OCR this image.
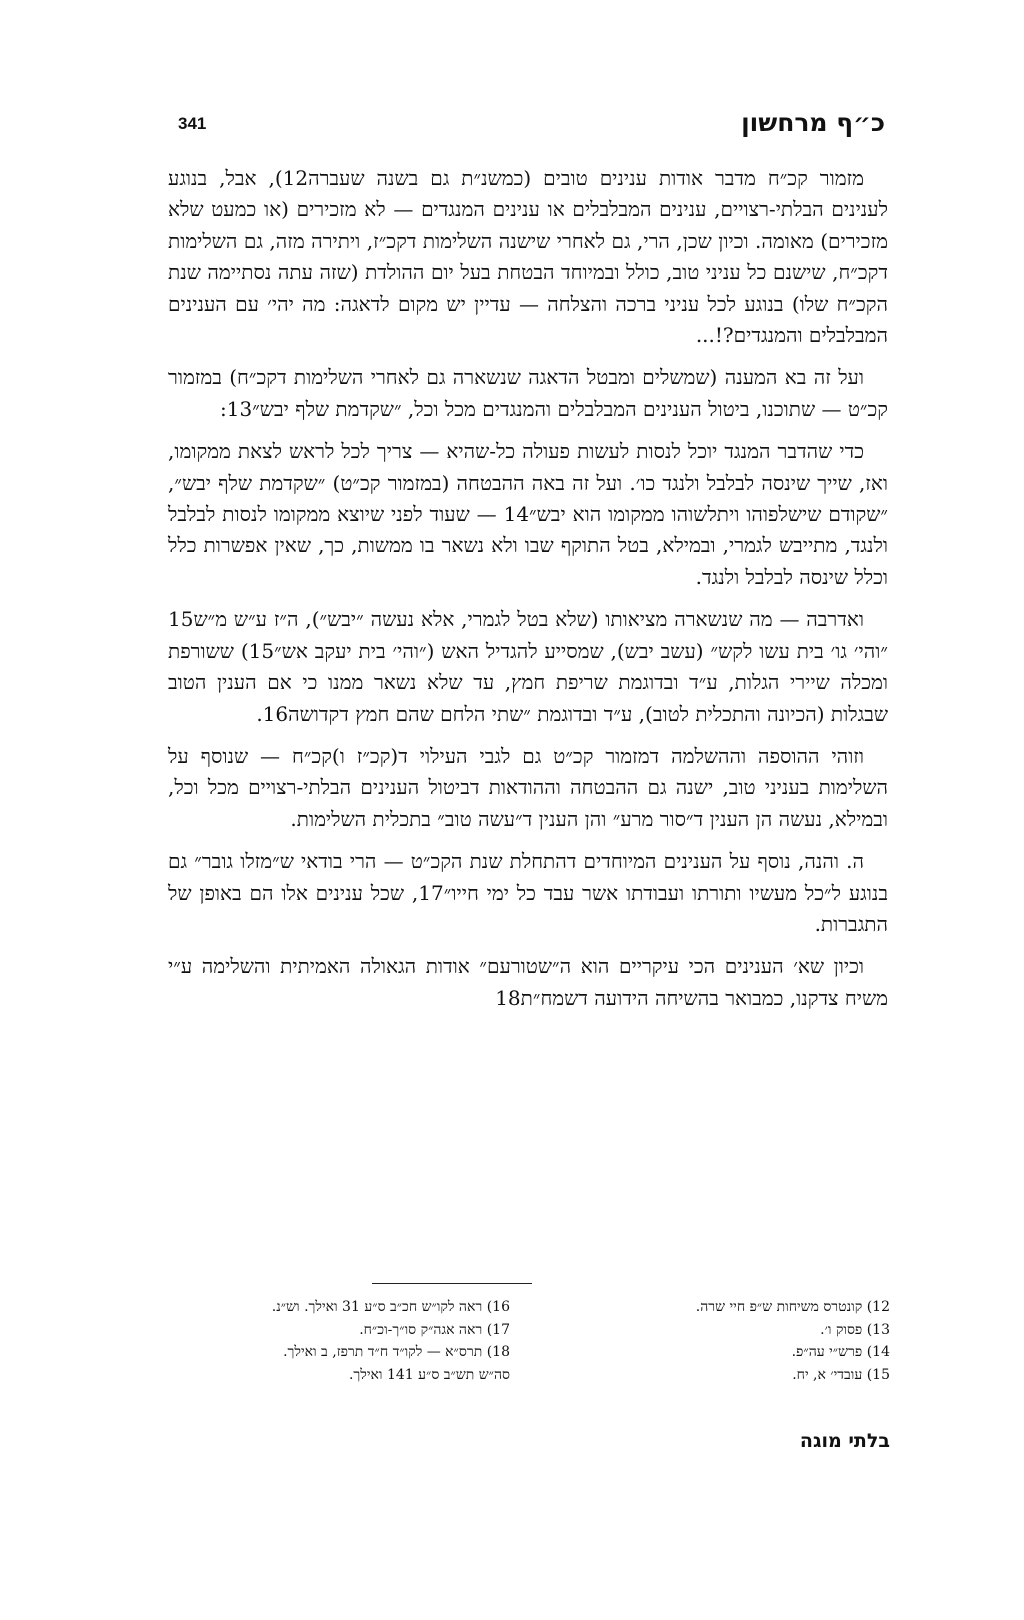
341	כ״ף מרחשון

מזמור קכ״ח מדבר אודות ענינים טובים (כמשנ״ת גם בשנה שעברה12), אבל, בנוגע לענינים הבלתי-רצויים, ענינים המבלבלים או ענינים המנגדים — לא מזכירים (או כמעט שלא מזכירים) מאומה. וכיון שכן, הרי, גם לאחרי שישנה השלימות דקכ״ז, ויתירה מזה, גם השלימות דקכ״ח, שישנם כל עניני טוב, כולל ובמיוחד הבטחת בעל יום ההולדת (שזה עתה נסתיימה שנת הקכ״ח שלו) בנוגע לכל עניני ברכה והצלחה — עדיין יש מקום לדאגה: מה יהי׳ עם הענינים המבלבלים והמנגדים?!...

ועל זה בא המענה (שמשלים ומבטל הדאגה שנשארה גם לאחרי השלימות דקכ״ח) במזמור קכ״ט — שתוכנו, ביטול הענינים המבלבלים והמנגדים מכל וכל, ״שקדמת שלף יבש״13:

כדי שהדבר המנגד יוכל לנסות לעשות פעולה כל-שהיא — צריך לכל לראש לצאת ממקומו, ואז, שייך שינסה לבלבל ולנגד כו׳. ועל זה באה ההבטחה (במזמור קכ״ט) ״שקדמת שלף יבש״, ״שקודם שישלפוהו ויתלשוהו ממקומו הוא יבש״14 — שעוד לפני שיוצא ממקומו לנסות לבלבל ולנגד, מתייבש לגמרי, ובמילא, בטל התוקף שבו ולא נשאר בו ממשות, כך, שאין אפשרות כלל וכלל שינסה לבלבל ולנגד.

ואדרבה — מה שנשארה מציאותו (שלא בטל לגמרי, אלא נעשה ״יבש״), ה״ז ע״ש מ״ש15 ״והי׳ גו׳ בית עשו לקש״ (עשב יבש), שמסייע להגדיל האש (״והי׳ בית יעקב אש״15) ששורפת ומכלה שיירי הגלות, ע״ד ובדוגמת שריפת חמץ, עד שלא נשאר ממנו כי אם הענין הטוב שבגלות (הכיונה והתכלית לטוב), ע״ד ובדוגמת ״שתי הלחם שהם חמץ דקדושה16.

וזוהי ההוספה וההשלמה דמזמור קכ״ט גם לגבי העילוי ד(קכ״ז ו)קכ״ח — שנוסף על השלימות בעניני טוב, ישנה גם ההבטחה וההודאות דביטול הענינים הבלתי-רצויים מכל וכל, ובמילא, נעשה הן הענין ד״סור מרע״ והן הענין ד״עשה טוב״ בתכלית השלימות.

ה. והנה, נוסף על הענינים המיוחדים דהתחלת שנת הקכ״ט — הרי בודאי ש״מזלו גובר״ גם בנוגע ל״כל מעשיו ותורתו ועבודתו אשר עבד כל ימי חייו״17, שכל ענינים אלו הם באופן של התגברות.

וכיון שא׳ הענינים הכי עיקריים הוא ה״שטורעם״ אודות הגאולה האמיתית והשלימה ע״י משיח צדקנו, כמבואר בהשיחה הידועה דשמח״ת18

12) קונטרס משיחות ש״פ חיי שרה.
13) פסוק ו׳.
14) פרש״י עה״פ.
15) עובדי׳ א, יח.
16) ראה לקו״ש חכ״ב ס״ע 31 ואילך. וש״נ.
17) ראה אגה״ק סו״ך-וכ״ח.
18) תרס״א — לקו״ד ח״ד תרפז, ב ואילך.
סה״ש תש״ב ס״ע 141 ואילך.
בלתי מוגה
